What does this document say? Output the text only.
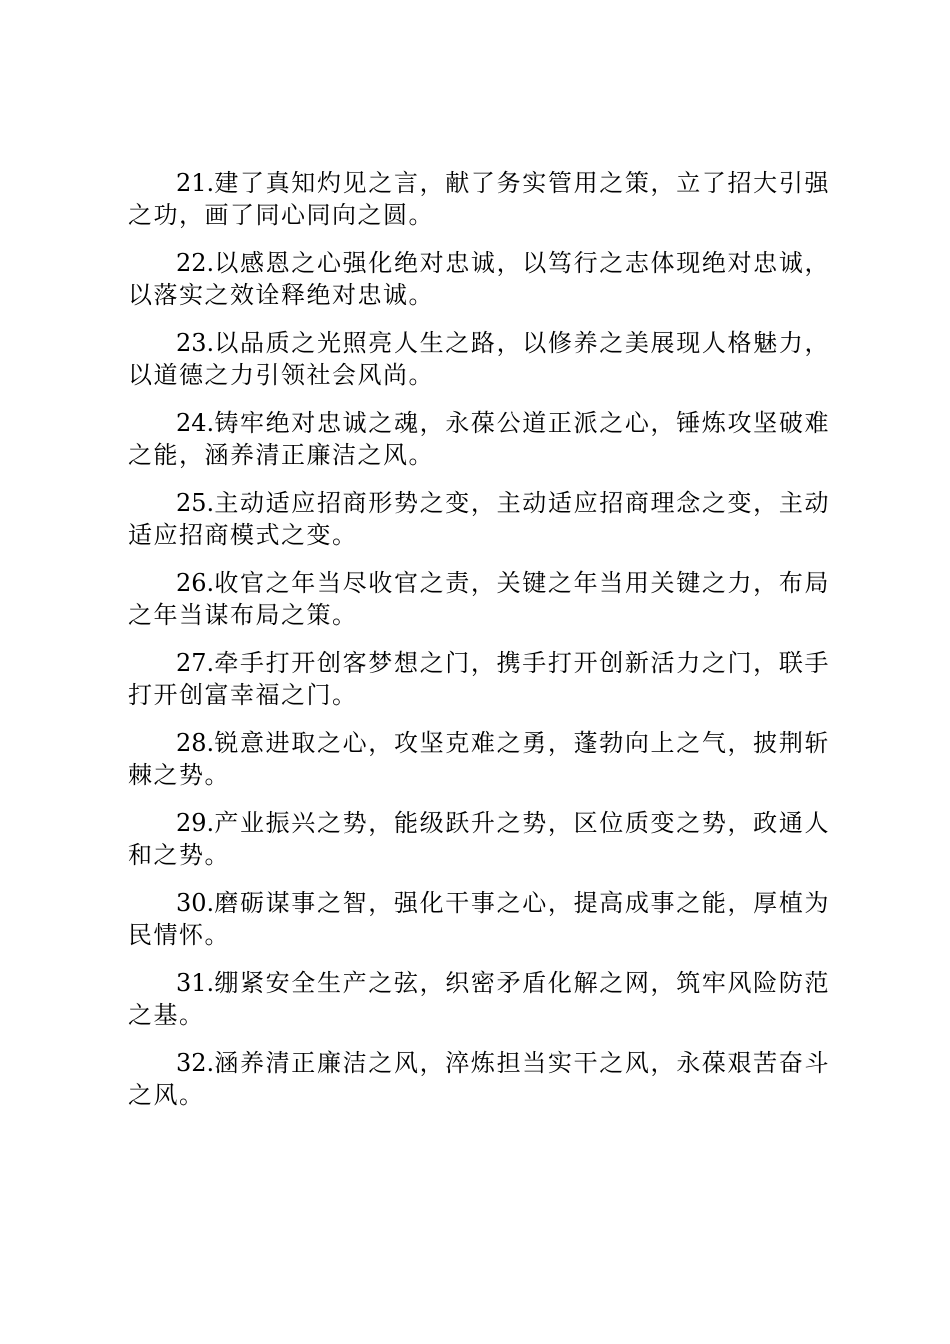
21.建了真知灼见之言，献了务实管用之策，立了招大引强之功，画了同心同向之圆。

22.以感恩之心强化绝对忠诚，以笃行之志体现绝对忠诚，以落实之效诠释绝对忠诚。

23.以品质之光照亮人生之路，以修养之美展现人格魅力，以道德之力引领社会风尚。

24.铸牢绝对忠诚之魂，永葆公道正派之心，锤炼攻坚破难之能，涵养清正廉洁之风。

25.主动适应招商形势之变，主动适应招商理念之变，主动适应招商模式之变。

26.收官之年当尽收官之责，关键之年当用关键之力，布局之年当谋布局之策。

27.牵手打开创客梦想之门，携手打开创新活力之门，联手打开创富幸福之门。

28.锐意进取之心，攻坚克难之勇，蓬勃向上之气，披荆斩棘之势。

29.产业振兴之势，能级跃升之势，区位质变之势，政通人和之势。

30.磨砺谋事之智，强化干事之心，提高成事之能，厚植为民情怀。

31.绷紧安全生产之弦，织密矛盾化解之网，筑牢风险防范之基。

32.涵养清正廉洁之风，淬炼担当实干之风，永葆艰苦奋斗之风。
